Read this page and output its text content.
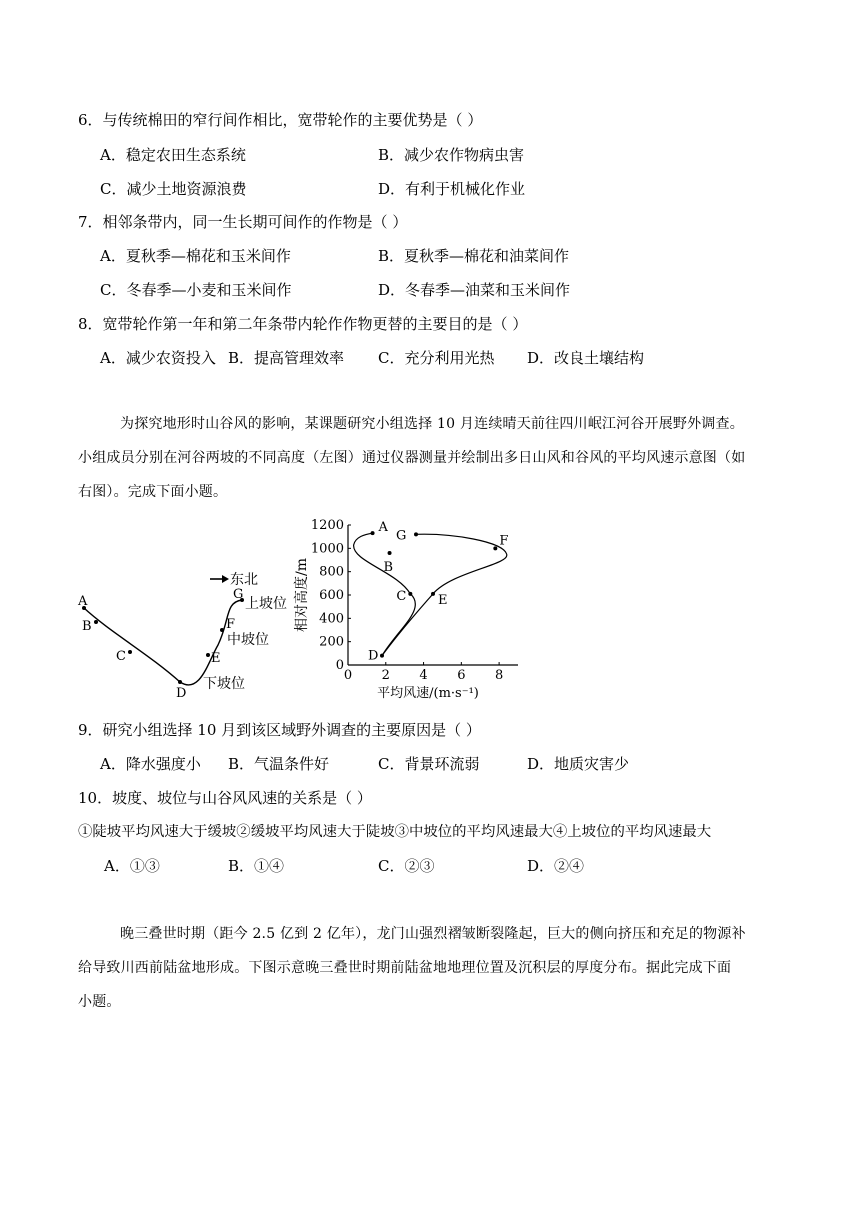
6．与传统棉田的窄行间作相比，宽带轮作的主要优势是（ ）
A．稳定农田生态系统	B．减少农作物病虫害
C．减少土地资源浪费	D．有利于机械化作业
7．相邻条带内，同一生长期可间作的作物是（ ）
A．夏秋季—棉花和玉米间作	B．夏秋季—棉花和油菜间作
C．冬春季—小麦和玉米间作	D．冬春季—油菜和玉米间作
8．宽带轮作第一年和第二年条带内轮作作物更替的主要目的是（ ）
A．减少农资投入 B．提高管理效率 C．充分利用光热 D．改良土壤结构
为探究地形时山谷风的影响，某课题研究小组选择 10 月连续晴天前往四川岷江河谷开展野外调查。
小组成员分别在河谷两坡的不同高度（左图）通过仪器测量并绘制出多日山风和谷风的平均风速示意图（如
右图）。完成下面小题。
A
B
C
D
E
F
G
上坡位
中坡位
下坡位
东北
0 2 4 6 8
0
200
400
600
800
1000
1200
平均风速/(m·s⁻¹)
相对高度/m
A
B
C
D
E
F
G
9．研究小组选择 10 月到该区域野外调查的主要原因是（ ）
A．降水强度小 B．气温条件好	C．背景环流弱	D．地质灾害少
10．坡度、坡位与山谷风风速的关系是（ ）
①陡坡平均风速大于缓坡②缓坡平均风速大于陡坡③中坡位的平均风速最大④上坡位的平均风速最大
A．①③	B．①④	C．②③	D．②④
晚三叠世时期（距今 2.5 亿到 2 亿年），龙门山强烈褶皱断裂隆起，巨大的侧向挤压和充足的物源补
给导致川西前陆盆地形成。下图示意晚三叠世时期前陆盆地地理位置及沉积层的厚度分布。据此完成下面
小题。
